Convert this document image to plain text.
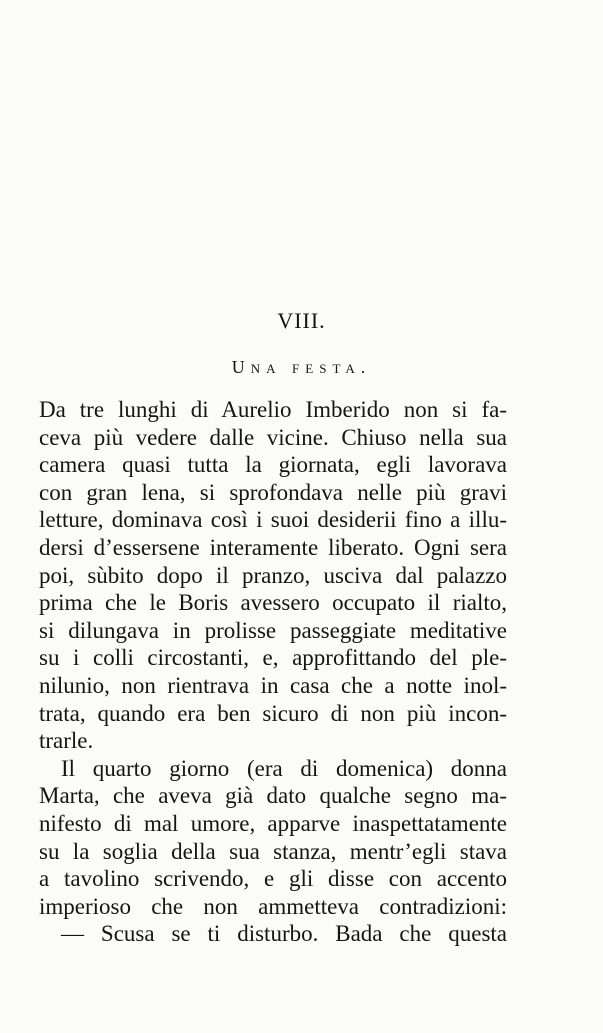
VIII.
Una festa.
Da tre lunghi di Aurelio Imberido non si fa-
ceva più vedere dalle vicine. Chiuso nella sua
camera quasi tutta la giornata, egli lavorava
con gran lena, si sprofondava nelle più gravi
letture, dominava così i suoi desiderii fino a illu-
dersi d’essersene interamente liberato. Ogni sera
poi, sùbito dopo il pranzo, usciva dal palazzo
prima che le Boris avessero occupato il rialto,
si dilungava in prolisse passeggiate meditative
su i colli circostanti, e, approfittando del ple-
nilunio, non rientrava in casa che a notte inol-
trata, quando era ben sicuro di non più incon-
trarle.
Il quarto giorno (era di domenica) donna
Marta, che aveva già dato qualche segno ma-
nifesto di mal umore, apparve inaspettatamente
su la soglia della sua stanza, mentr’egli stava
a tavolino scrivendo, e gli disse con accento
imperioso che non ammetteva contradizioni:
— Scusa se ti disturbo. Bada che questa
